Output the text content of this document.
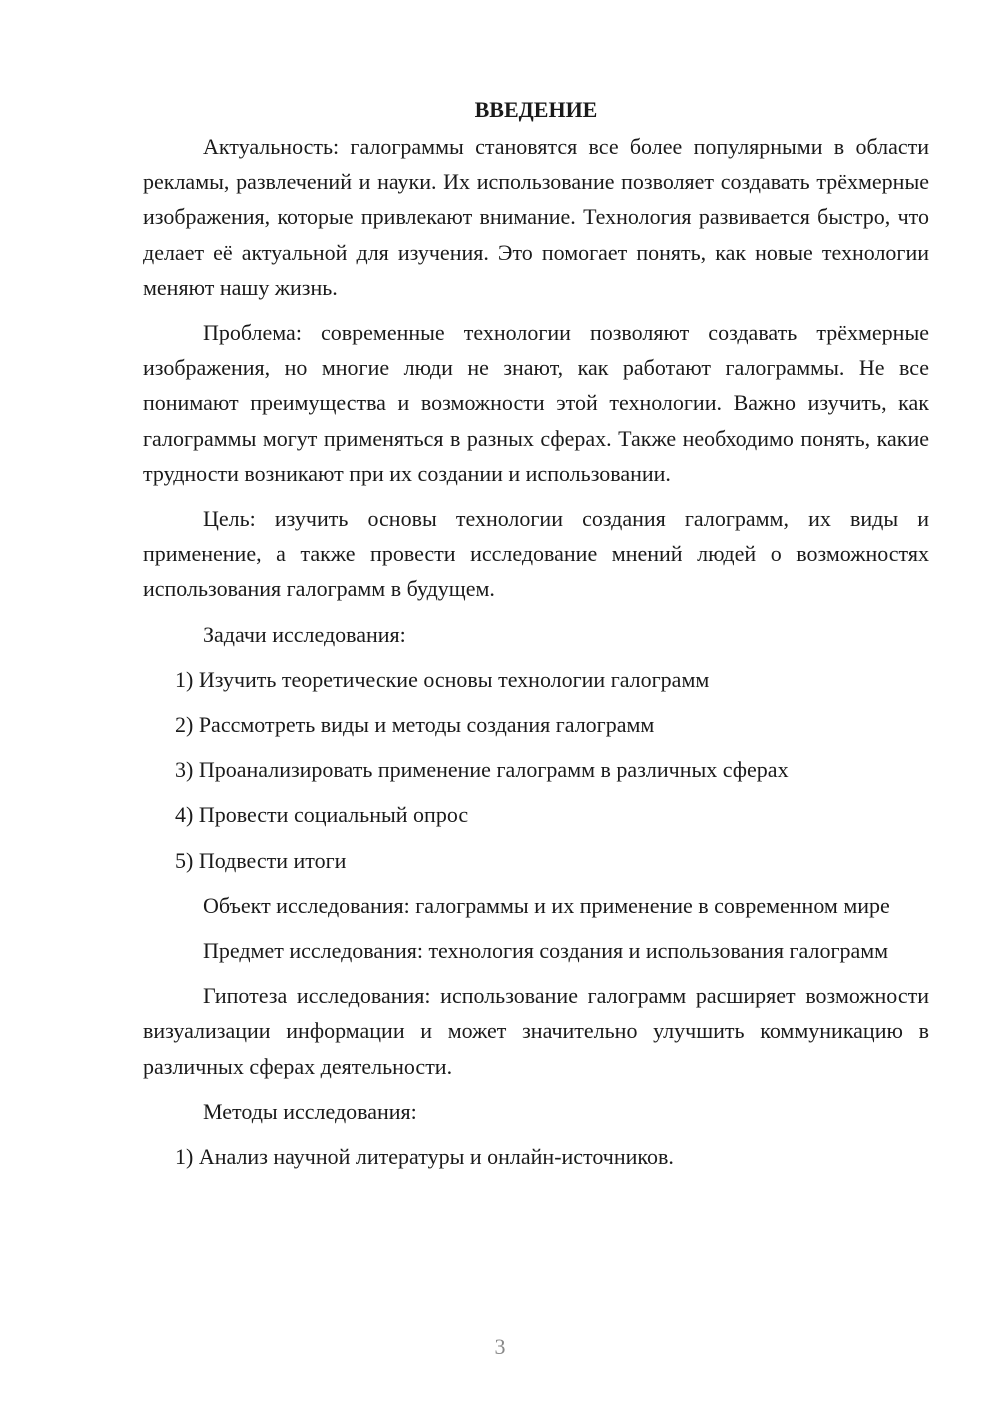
ВВЕДЕНИЕ

Актуальность: галограммы становятся все более популярными в области рекламы, развлечений и науки. Их использование позволяет создавать трёхмерные изображения, которые привлекают внимание. Технология развивается быстро, что делает её актуальной для изучения. Это помогает понять, как новые технологии меняют нашу жизнь.

Проблема: современные технологии позволяют создавать трёхмерные изображения, но многие люди не знают, как работают галограммы. Не все понимают преимущества и возможности этой технологии. Важно изучить, как галограммы могут применяться в разных сферах. Также необходимо понять, какие трудности возникают при их создании и использовании.

Цель: изучить основы технологии создания галограмм, их виды и применение, а также провести исследование мнений людей о возможностях использования галограмм в будущем.

Задачи исследования:

1) Изучить теоретические основы технологии галограмм
2) Рассмотреть виды и методы создания галограмм
3) Проанализировать применение галограмм в различных сферах
4) Провести социальный опрос
5) Подвести итоги

Объект исследования: галограммы и их применение в современном мире

Предмет исследования: технология создания и использования галограмм

Гипотеза исследования: использование галограмм расширяет возможности визуализации информации и может значительно улучшить коммуникацию в различных сферах деятельности.

Методы исследования:

1) Анализ научной литературы и онлайн-источников.
3
